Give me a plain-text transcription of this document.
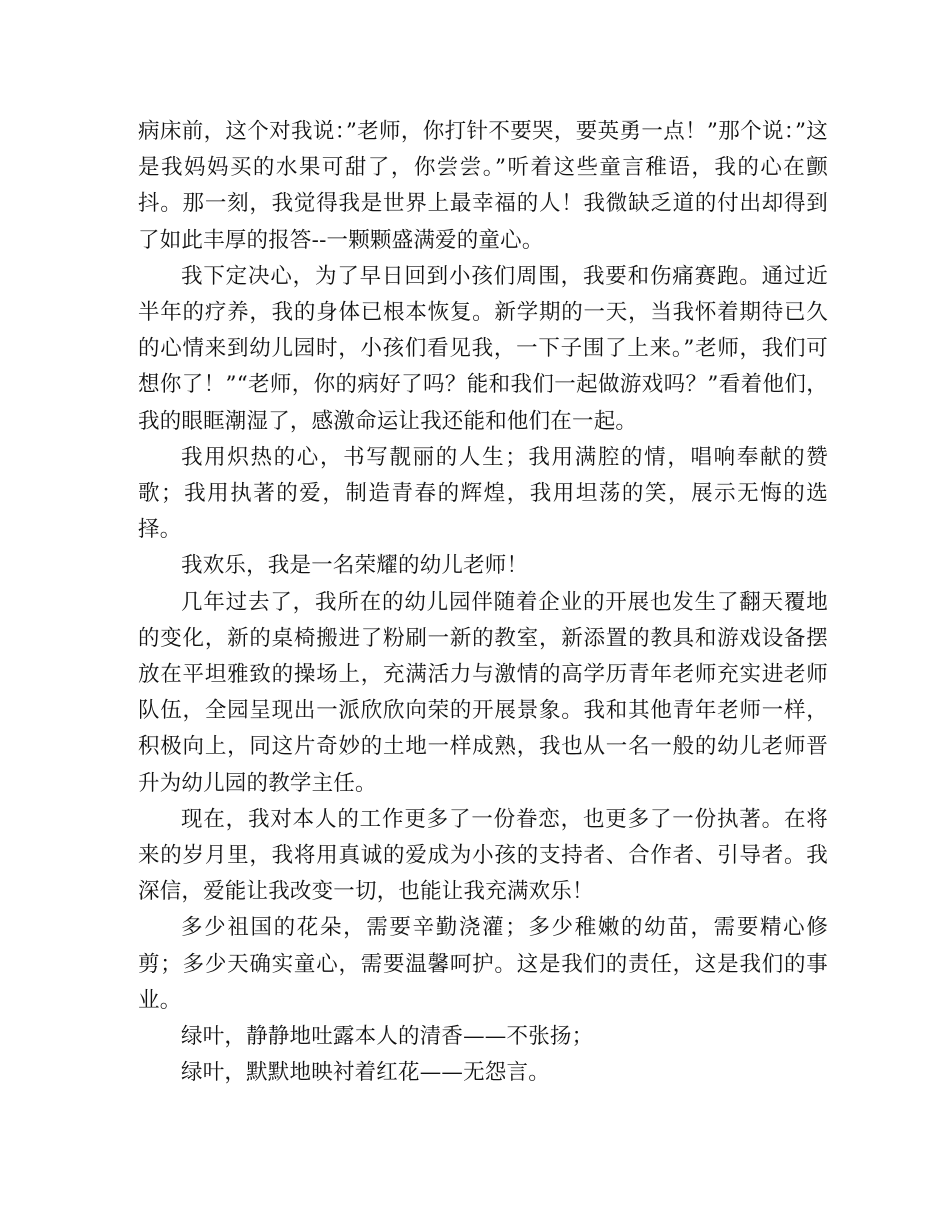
病床前，这个对我说：”老师，你打针不要哭，要英勇一点！”那个说：”这是我妈妈买的水果可甜了，你尝尝。”听着这些童言稚语，我的心在颤抖。那一刻，我觉得我是世界上最幸福的人！我微缺乏道的付出却得到了如此丰厚的报答--一颗颗盛满爱的童心。

我下定决心，为了早日回到小孩们周围，我要和伤痛赛跑。通过近半年的疗养，我的身体已根本恢复。新学期的一天，当我怀着期待已久的心情来到幼儿园时，小孩们看见我，一下子围了上来。”老师，我们可想你了！”“老师，你的病好了吗？能和我们一起做游戏吗？”看着他们，我的眼眶潮湿了，感激命运让我还能和他们在一起。

我用炽热的心，书写靓丽的人生；我用满腔的情，唱响奉献的赞歌；我用执著的爱，制造青春的辉煌，我用坦荡的笑，展示无悔的选择。

我欢乐，我是一名荣耀的幼儿老师！

几年过去了，我所在的幼儿园伴随着企业的开展也发生了翻天覆地的变化，新的桌椅搬进了粉刷一新的教室，新添置的教具和游戏设备摆放在平坦雅致的操场上，充满活力与激情的高学历青年老师充实进老师队伍，全园呈现出一派欣欣向荣的开展景象。我和其他青年老师一样，积极向上，同这片奇妙的土地一样成熟，我也从一名一般的幼儿老师晋升为幼儿园的教学主任。

现在，我对本人的工作更多了一份眷恋，也更多了一份执著。在将来的岁月里，我将用真诚的爱成为小孩的支持者、合作者、引导者。我深信，爱能让我改变一切，也能让我充满欢乐！

多少祖国的花朵，需要辛勤浇灌；多少稚嫩的幼苗，需要精心修剪；多少天确实童心，需要温馨呵护。这是我们的责任，这是我们的事业。

绿叶，静静地吐露本人的清香——不张扬；

绿叶，默默地映衬着红花——无怨言。
